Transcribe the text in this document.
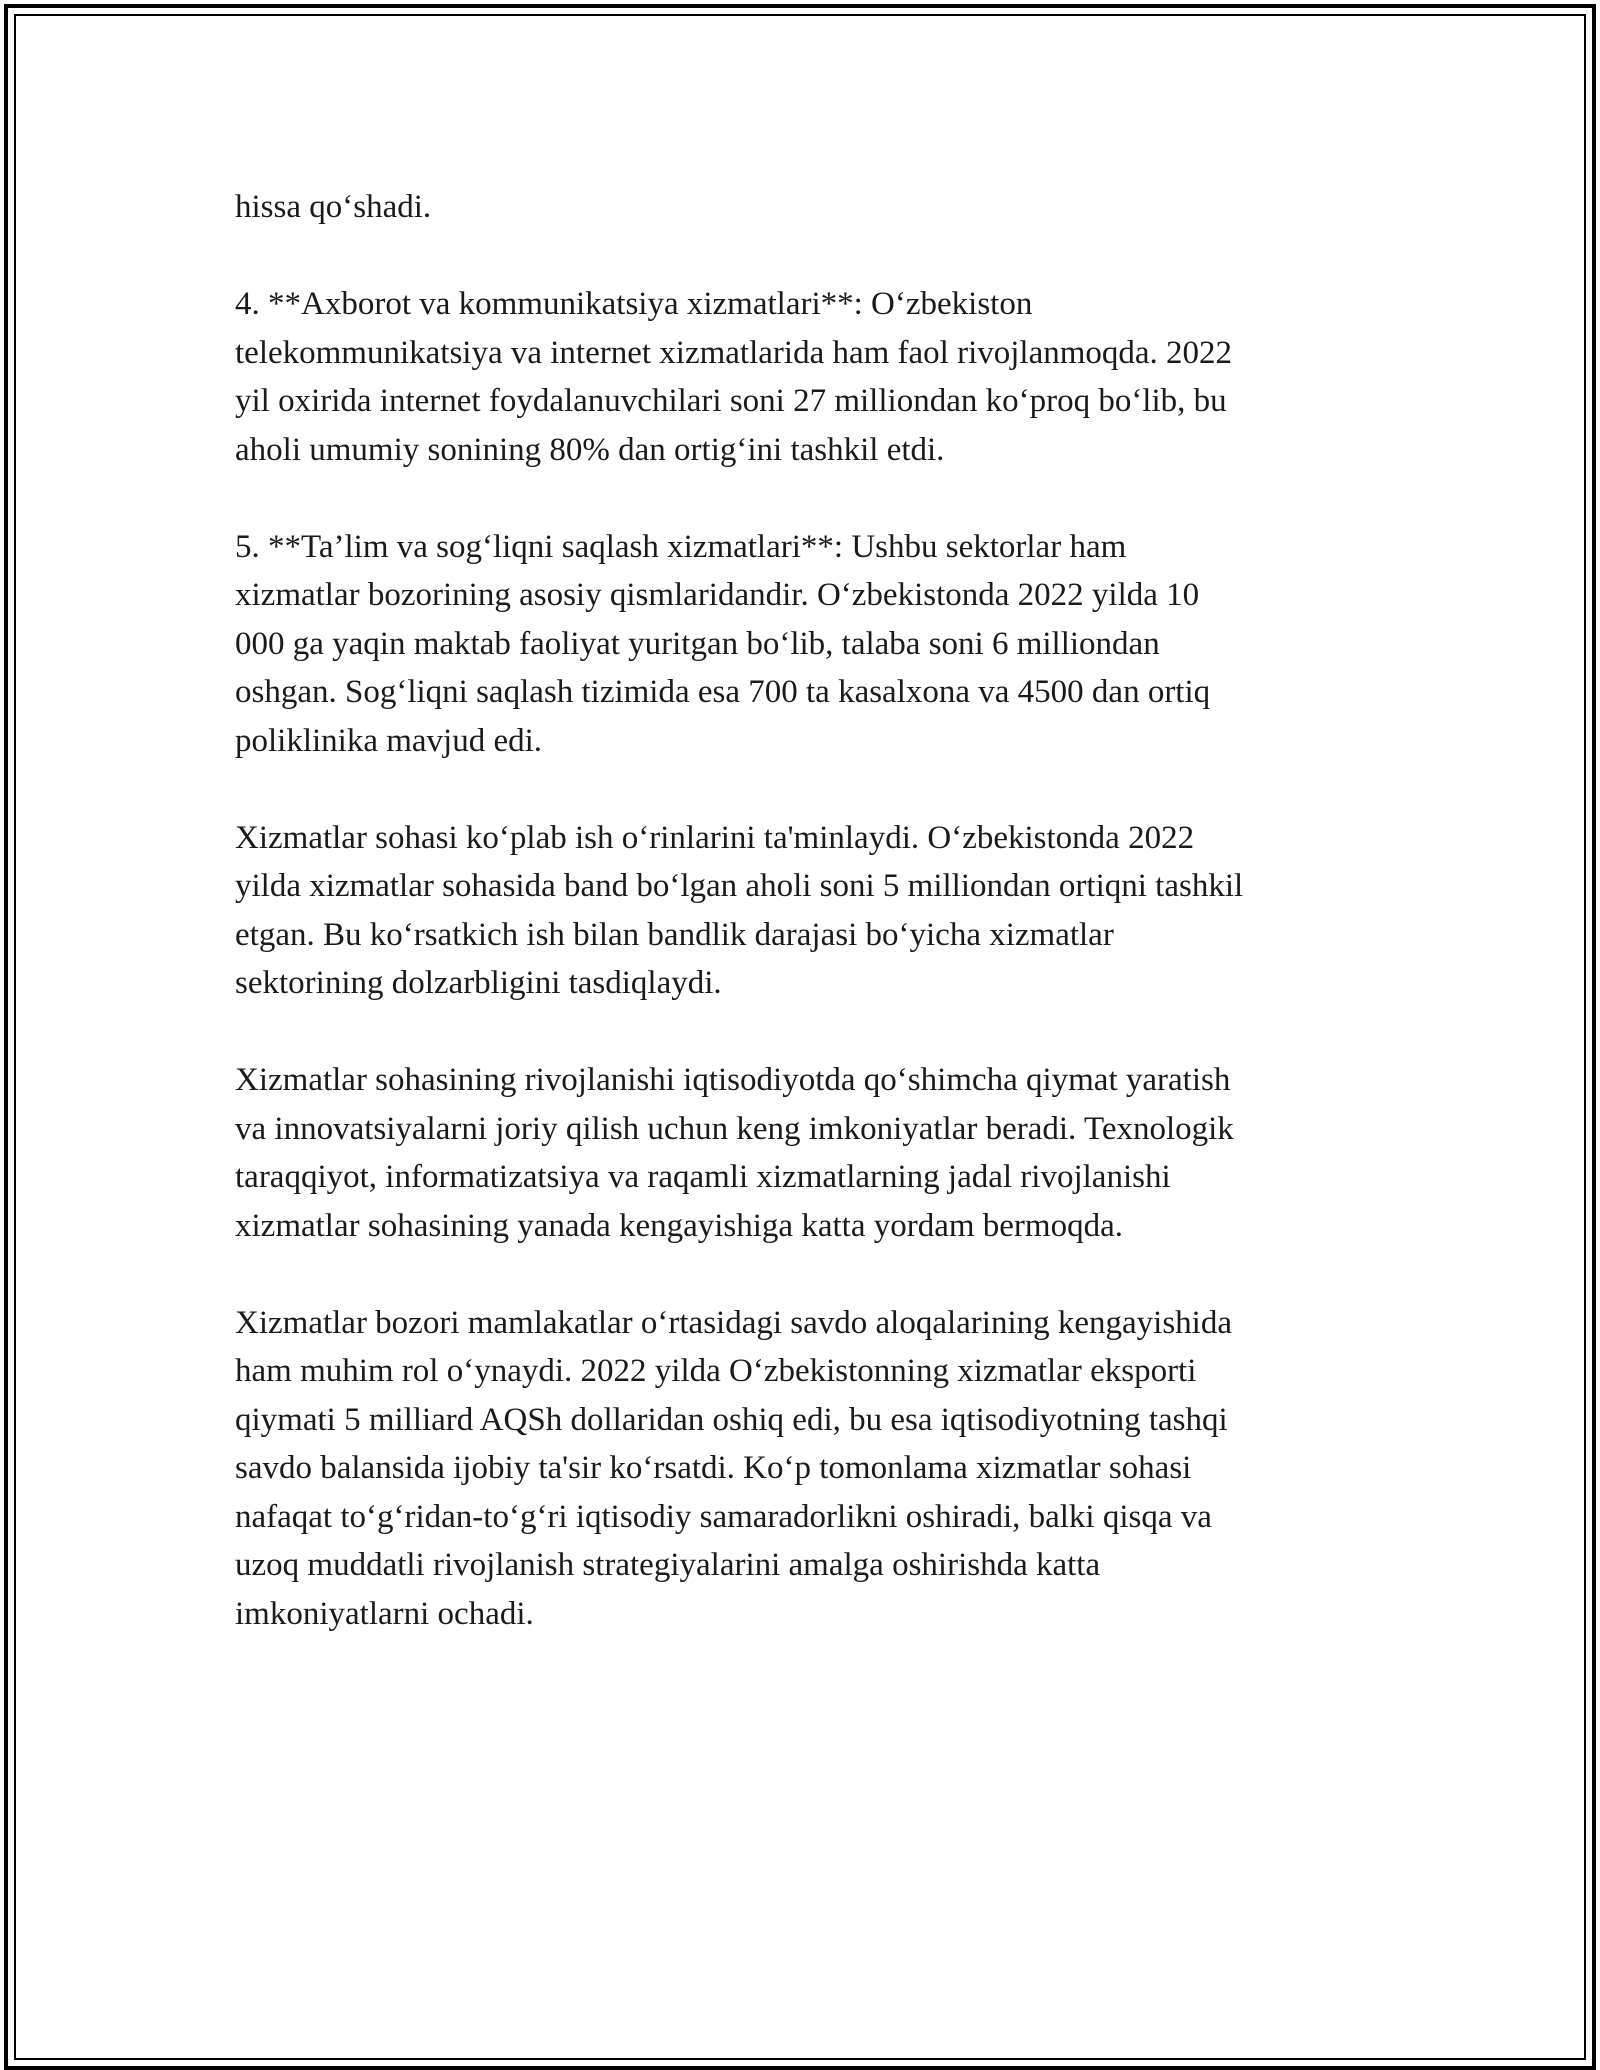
hissa qo‘shadi.

4. **Axborot va kommunikatsiya xizmatlari**: O‘zbekiston
telekommunikatsiya va internet xizmatlarida ham faol rivojlanmoqda. 2022
yil oxirida internet foydalanuvchilari soni 27 milliondan ko‘proq bo‘lib, bu
aholi umumiy sonining 80% dan ortig‘ini tashkil etdi.

5. **Ta’lim va sog‘liqni saqlash xizmatlari**: Ushbu sektorlar ham
xizmatlar bozorining asosiy qismlaridandir. O‘zbekistonda 2022 yilda 10
000 ga yaqin maktab faoliyat yuritgan bo‘lib, talaba soni 6 milliondan
oshgan. Sog‘liqni saqlash tizimida esa 700 ta kasalxona va 4500 dan ortiq
poliklinika mavjud edi.

Xizmatlar sohasi ko‘plab ish o‘rinlarini ta'minlaydi. O‘zbekistonda 2022
yilda xizmatlar sohasida band bo‘lgan aholi soni 5 milliondan ortiqni tashkil
etgan. Bu ko‘rsatkich ish bilan bandlik darajasi bo‘yicha xizmatlar
sektorining dolzarbligini tasdiqlaydi.

Xizmatlar sohasining rivojlanishi iqtisodiyotda qo‘shimcha qiymat yaratish
va innovatsiyalarni joriy qilish uchun keng imkoniyatlar beradi. Texnologik
taraqqiyot, informatizatsiya va raqamli xizmatlarning jadal rivojlanishi
xizmatlar sohasining yanada kengayishiga katta yordam bermoqda.

Xizmatlar bozori mamlakatlar o‘rtasidagi savdo aloqalarining kengayishida
ham muhim rol o‘ynaydi. 2022 yilda O‘zbekistonning xizmatlar eksporti
qiymati 5 milliard AQSh dollaridan oshiq edi, bu esa iqtisodiyotning tashqi
savdo balansida ijobiy ta'sir ko‘rsatdi. Ko‘p tomonlama xizmatlar sohasi
nafaqat to‘g‘ridan-to‘g‘ri iqtisodiy samaradorlikni oshiradi, balki qisqa va
uzoq muddatli rivojlanish strategiyalarini amalga oshirishda katta
imkoniyatlarni ochadi.
